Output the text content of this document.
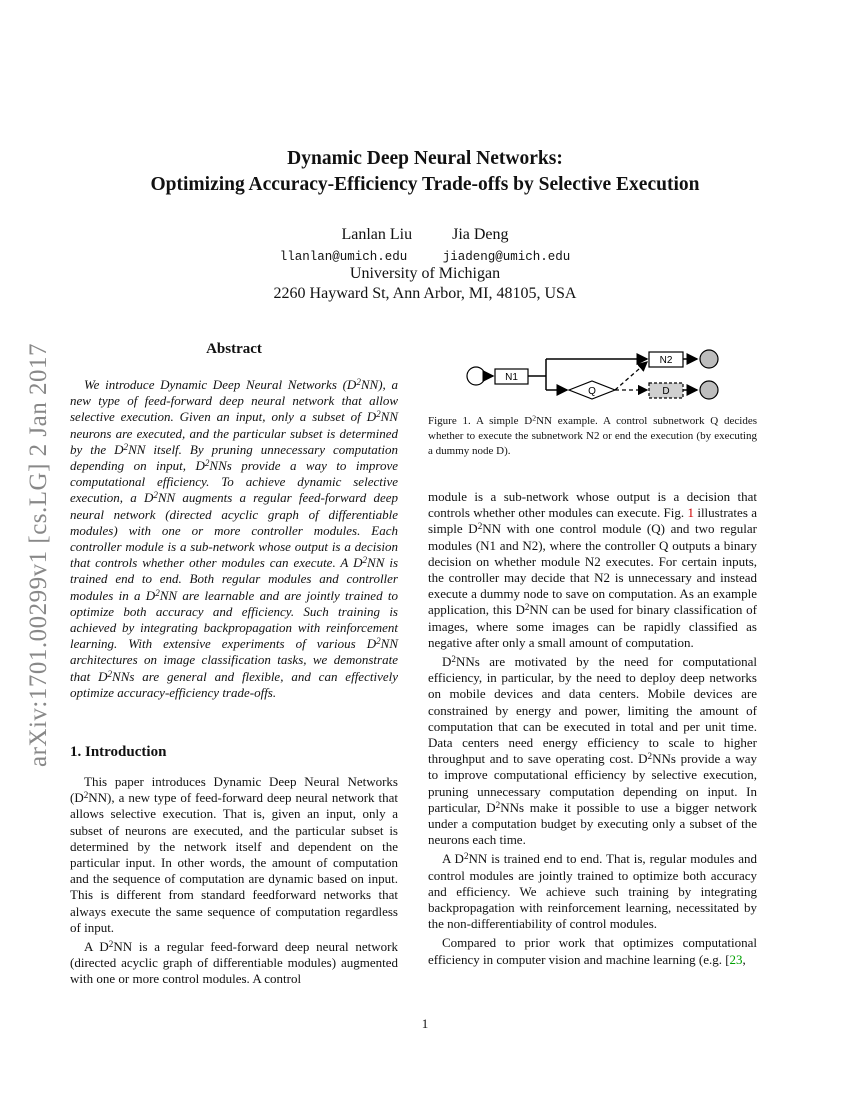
arXiv:1701.00299v1 [cs.LG] 2 Jan 2017
Dynamic Deep Neural Networks:
Optimizing Accuracy-Efficiency Trade-offs by Selective Execution
Lanlan Liu	Jia Deng
llanlan@umich.edu	jiadeng@umich.edu
University of Michigan
2260 Hayward St, Ann Arbor, MI, 48105, USA
Abstract
We introduce Dynamic Deep Neural Networks $(D^2NN)$, a new type of feed-forward deep neural network that allow selective execution. Given an input, only a subset of $D^2NN$ neurons are executed, and the particular subset is determined by the $D^2NN$ itself. By pruning unnecessary computation depending on input, $D^2NNs$ provide a way to improve computational efficiency. To achieve dynamic selective execution, a $D^2NN$ augments a regular feed-forward deep neural network (directed acyclic graph of differentiable modules) with one or more controller modules. Each controller module is a sub-network whose output is a decision that controls whether other modules can execute. A $D^2NN$ is trained end to end. Both regular modules and controller modules in a $D^2NN$ are learnable and are jointly trained to optimize both accuracy and efficiency. Such training is achieved by integrating backpropagation with reinforcement learning. With extensive experiments of various $D^2NN$ architectures on image classification tasks, we demonstrate that $D^2NNs$ are general and flexible, and can effectively optimize accuracy-efficiency trade-offs.
1. Introduction

This paper introduces Dynamic Deep Neural Networks $(D^2NN)$, a new type of feed-forward deep neural network that allows selective execution. That is, given an input, only a subset of neurons are executed, and the particular subset is determined by the network itself and dependent on the particular input. In other words, the amount of computation and the sequence of computation are dynamic based on input. This is different from standard feedforward networks that always execute the same sequence of computation regardless of input.

A $D^2NN$ is a regular feed-forward deep neural network (directed acyclic graph of differentiable modules) augmented with one or more control modules. A control

N1
Q
N2
D
Figure 1. A simple $D^2NN$ example. A control subnetwork Q decides whether to execute the subnetwork N2 or end the execution (by executing a dummy node D).

module is a sub-network whose output is a decision that controls whether other modules can execute. Fig. 1 illustrates a simple $D^2NN$ with one control module (Q) and two regular modules (N1 and N2), where the controller Q outputs a binary decision on whether module N2 executes. For certain inputs, the controller may decide that N2 is unnecessary and instead execute a dummy node to save on computation. As an example application, this $D^2NN$ can be used for binary classification of images, where some images can be rapidly classified as negative after only a small amount of computation.

$D^2NNs$ are motivated by the need for computational efficiency, in particular, by the need to deploy deep networks on mobile devices and data centers. Mobile devices are constrained by energy and power, limiting the amount of computation that can be executed in total and per unit time. Data centers need energy efficiency to scale to higher throughput and to save operating cost. $D^2NNs$ provide a way to improve computational efficiency by selective execution, pruning unnecessary computation depending on input. In particular, $D^2NNs$ make it possible to use a bigger network under a computation budget by executing only a subset of the neurons each time.

A $D^2NN$ is trained end to end. That is, regular modules and control modules are jointly trained to optimize both accuracy and efficiency. We achieve such training by integrating backpropagation with reinforcement learning, necessitated by the non-differentiability of control modules.

Compared to prior work that optimizes computational efficiency in computer vision and machine learning (e.g. [23,

1
